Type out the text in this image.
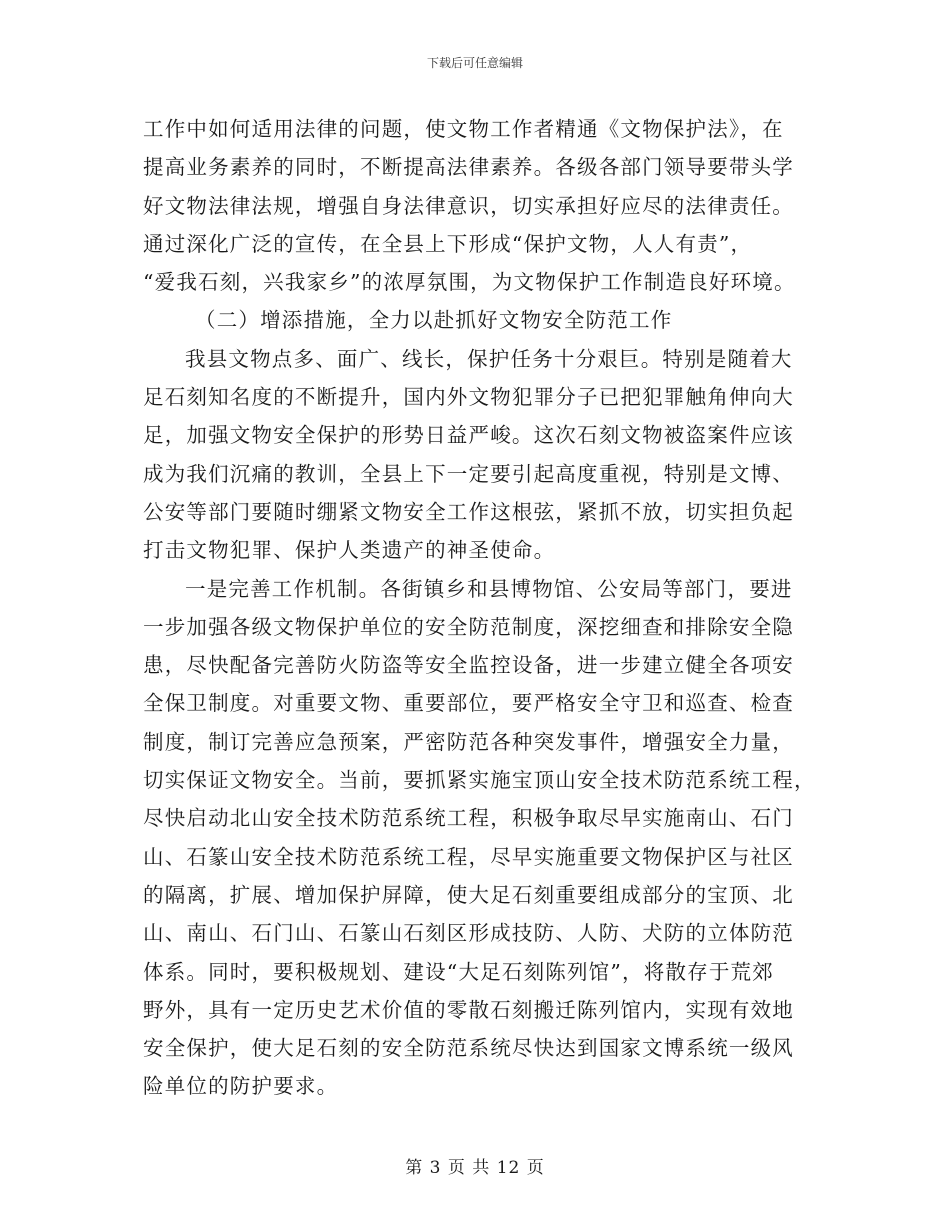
下载后可任意编辑
工作中如何适用法律的问题，使文物工作者精通《文物保护法》，在
提高业务素养的同时，不断提高法律素养。各级各部门领导要带头学
好文物法律法规，增强自身法律意识，切实承担好应尽的法律责任。
通过深化广泛的宣传，在全县上下形成“保护文物，人人有责”，
“爱我石刻，兴我家乡”的浓厚氛围，为文物保护工作制造良好环境。
（二）增添措施，全力以赴抓好文物安全防范工作
我县文物点多、面广、线长，保护任务十分艰巨。特别是随着大
足石刻知名度的不断提升，国内外文物犯罪分子已把犯罪触角伸向大
足，加强文物安全保护的形势日益严峻。这次石刻文物被盗案件应该
成为我们沉痛的教训，全县上下一定要引起高度重视，特别是文博、
公安等部门要随时绷紧文物安全工作这根弦，紧抓不放，切实担负起
打击文物犯罪、保护人类遗产的神圣使命。
一是完善工作机制。各街镇乡和县博物馆、公安局等部门，要进
一步加强各级文物保护单位的安全防范制度，深挖细查和排除安全隐
患，尽快配备完善防火防盗等安全监控设备，进一步建立健全各项安
全保卫制度。对重要文物、重要部位，要严格安全守卫和巡查、检查
制度，制订完善应急预案，严密防范各种突发事件，增强安全力量，
切实保证文物安全。当前，要抓紧实施宝顶山安全技术防范系统工程，
尽快启动北山安全技术防范系统工程，积极争取尽早实施南山、石门
山、石篆山安全技术防范系统工程，尽早实施重要文物保护区与社区
的隔离，扩展、增加保护屏障，使大足石刻重要组成部分的宝顶、北
山、南山、石门山、石篆山石刻区形成技防、人防、犬防的立体防范
体系。同时，要积极规划、建设“大足石刻陈列馆”，将散存于荒郊
野外，具有一定历史艺术价值的零散石刻搬迁陈列馆内，实现有效地
安全保护，使大足石刻的安全防范系统尽快达到国家文博系统一级风
险单位的防护要求。
第 3 页 共 12 页
